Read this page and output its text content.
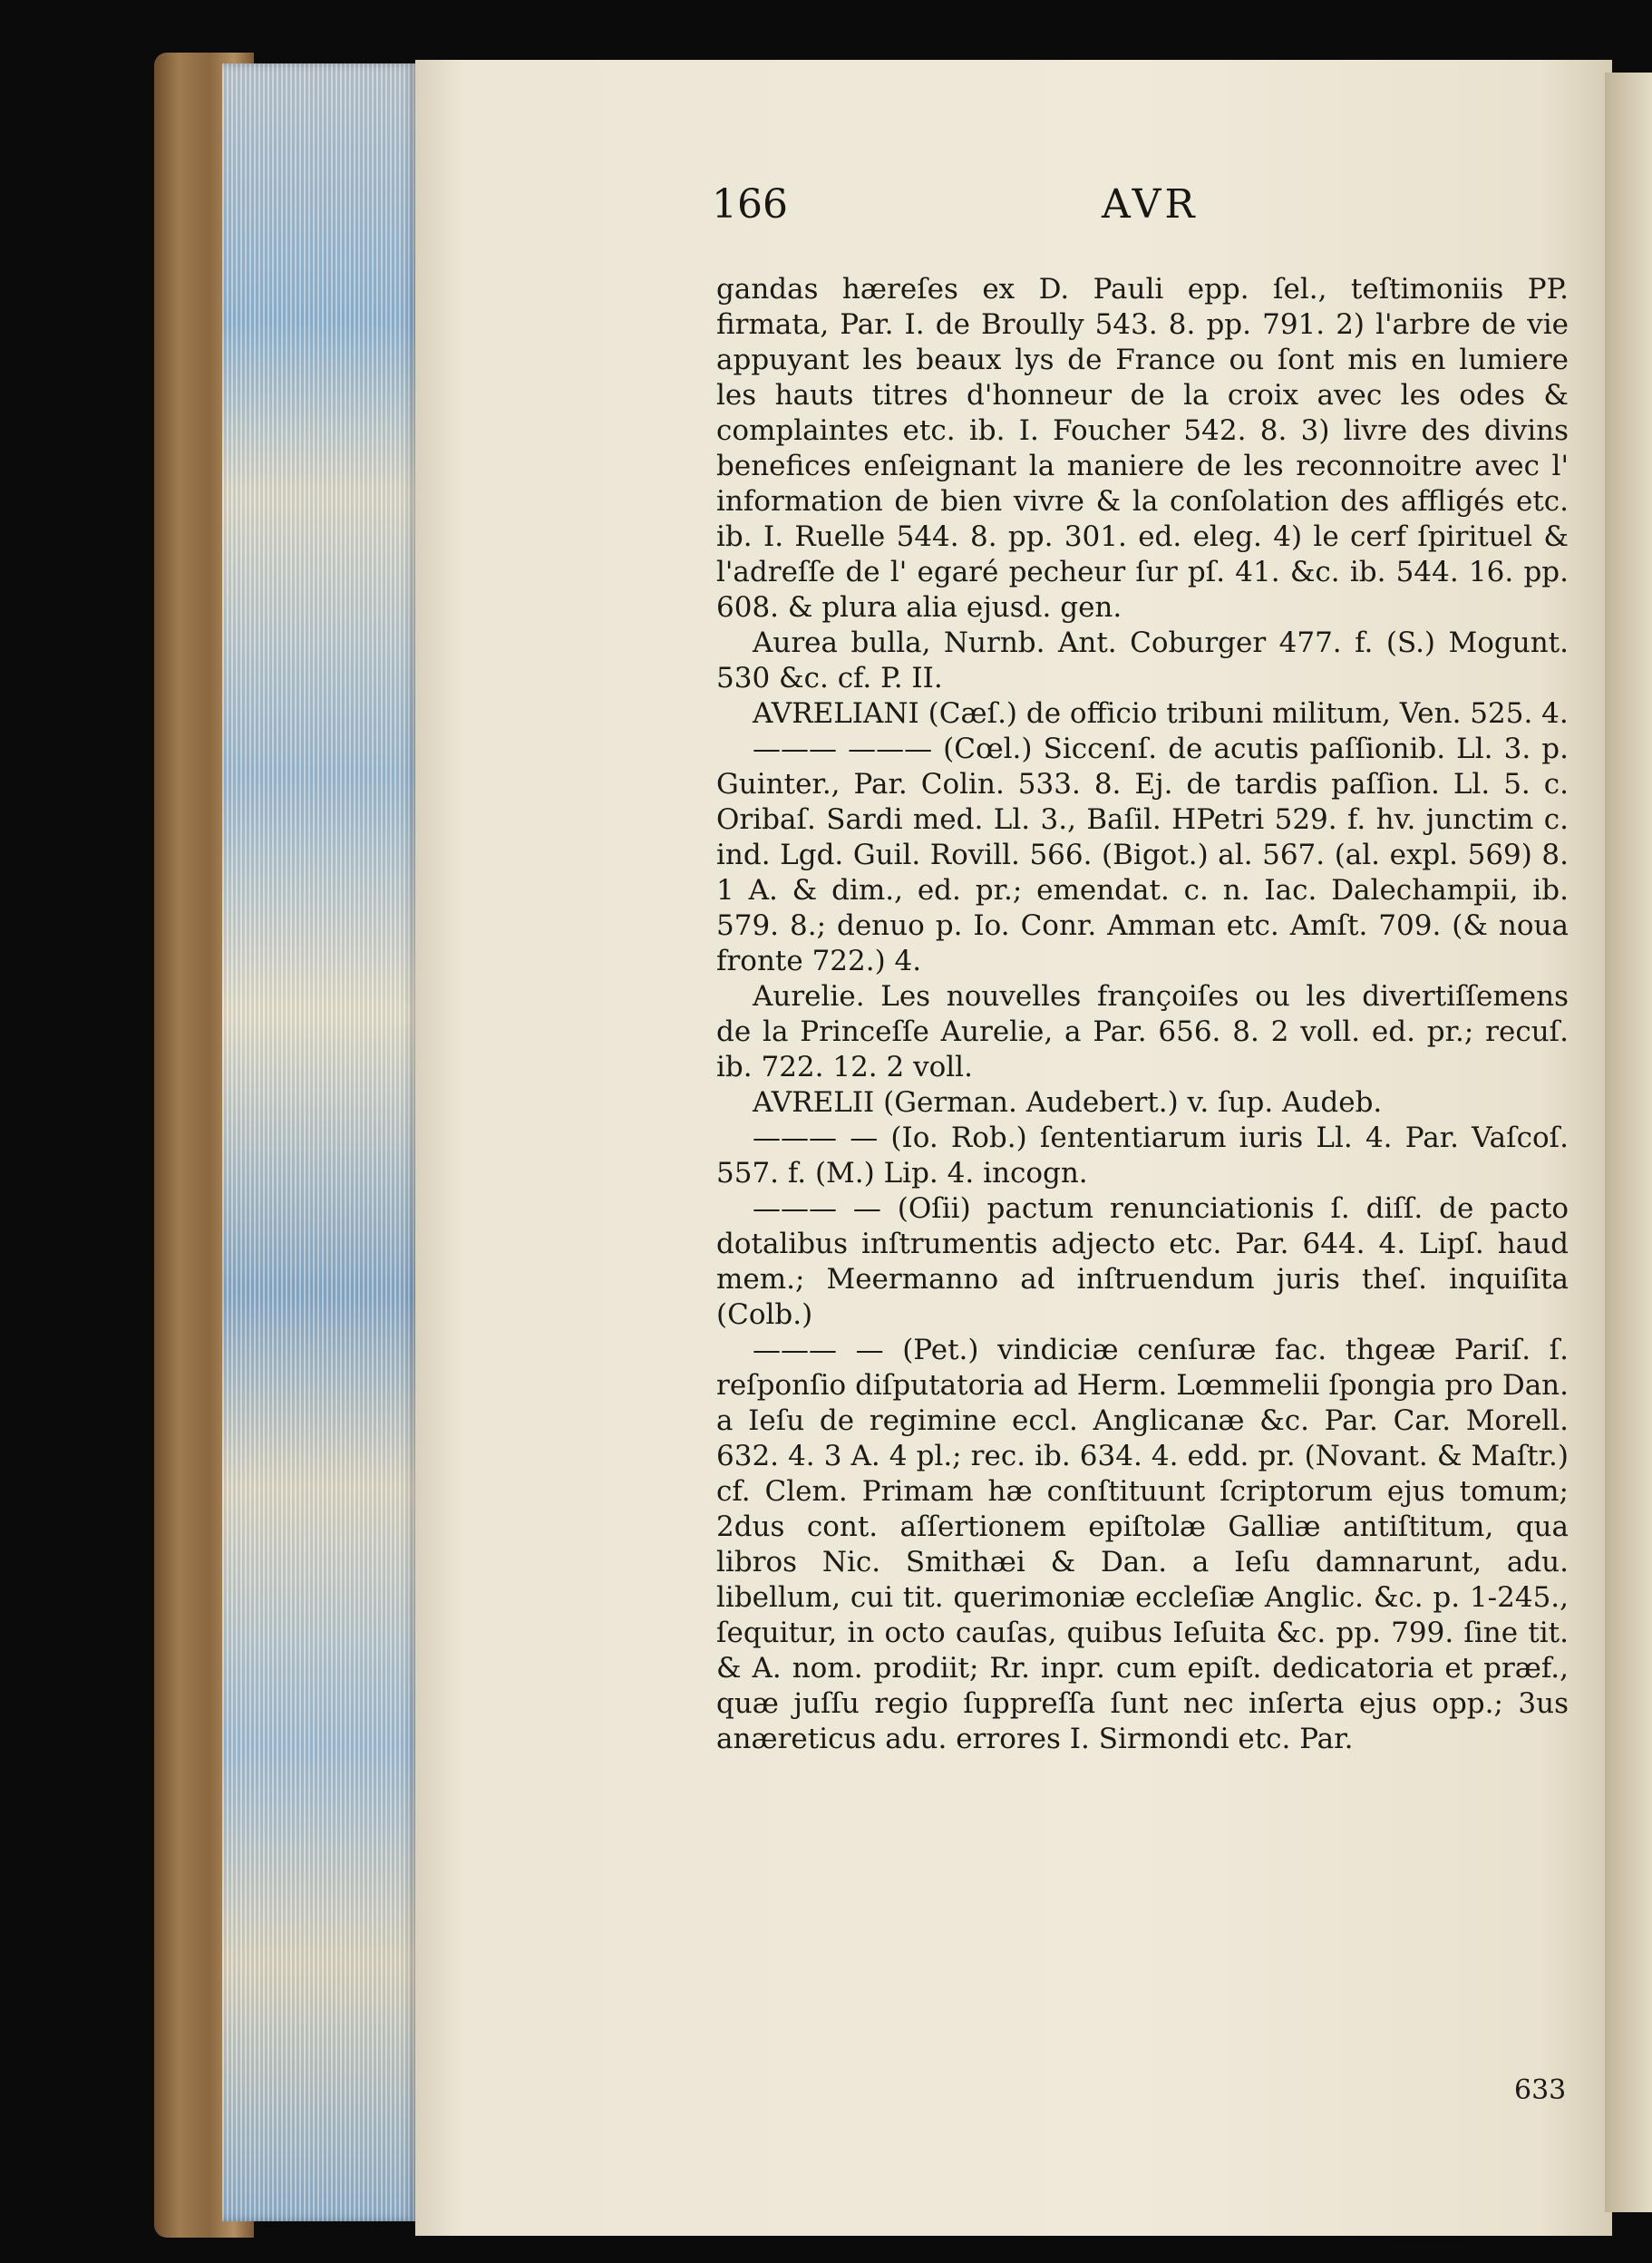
166	AVR

gandas hæreſes ex D. Pauli epp. ſel., teſtimoniis PP. firmata, Par. I. de Broully 543. 8. pp. 791. 2) l'arbre de vie appuyant les beaux lys de France ou ſont mis en lumiere les hauts titres d'honneur de la croix avec les odes & complaintes etc. ib. I. Foucher 542. 8. 3) livre des divins benefices enſeignant la maniere de les reconnoitre avec l' information de bien vivre & la conſolation des affligés etc. ib. I. Ruelle 544. 8. pp. 301. ed. eleg. 4) le cerf ſpirituel & l'adreſſe de l' egaré pecheur ſur pſ. 41. &c. ib. 544. 16. pp. 608. & plura alia ejusd. gen.

Aurea bulla, Nurnb. Ant. Coburger 477. f. (S.) Mogunt. 530 &c. cf. P. II.

AVRELIANI (Cæſ.) de officio tribuni militum, Ven. 525. 4.

——— ——— (Cœl.) Siccenſ. de acutis paſſionib. Ll. 3. p. Guinter., Par. Colin. 533. 8. Ej. de tardis paſſion. Ll. 5. c. Oribaſ. Sardi med. Ll. 3., Baſil. HPetri 529. f. hv. junctim c. ind. Lgd. Guil. Rovill. 566. (Bigot.) al. 567. (al. expl. 569) 8. 1 A. & dim., ed. pr.; emendat. c. n. Iac. Dalechampii, ib. 579. 8.; denuo p. Io. Conr. Amman etc. Amſt. 709. (& noua fronte 722.) 4.

Aurelie. Les nouvelles françoiſes ou les divertiſſemens de la Princeſſe Aurelie, a Par. 656. 8. 2 voll. ed. pr.; recuſ. ib. 722. 12. 2 voll.

AVRELII (German. Audebert.) v. ſup. Audeb.

——— — (Io. Rob.) ſententiarum iuris Ll. 4. Par. Vaſcoſ. 557. f. (M.) Lip. 4. incogn.

——— — (Oſii) pactum renunciationis ſ. diſſ. de pacto dotalibus inſtrumentis adjecto etc. Par. 644. 4. Lipſ. haud mem.; Meermanno ad inſtruendum juris theſ. inquiſita (Colb.)

——— — (Pet.) vindiciæ cenſuræ fac. thgeæ Pariſ. ſ. reſponſio diſputatoria ad Herm. Lœmmelii ſpongia pro Dan. a Ieſu de regimine eccl. Anglicanæ &c. Par. Car. Morell. 632. 4. 3 A. 4 pl.; rec. ib. 634. 4. edd. pr. (Novant. & Maſtr.) cf. Clem. Primam hæ conſtituunt ſcriptorum ejus tomum; 2dus cont. aſſertionem epiſtolæ Galliæ antiſtitum, qua libros Nic. Smithæi & Dan. a Ieſu damnarunt, adu. libellum, cui tit. querimoniæ eccleſiæ Anglic. &c. p. 1-245., ſequitur, in octo cauſas, quibus Ieſuita &c. pp. 799. ſine tit. & A. nom. prodiit; Rr. inpr. cum epiſt. dedicatoria et præf., quæ juſſu regio ſuppreſſa ſunt nec inſerta ejus opp.; 3us anæreticus adu. errores I. Sirmondi etc. Par.

633
